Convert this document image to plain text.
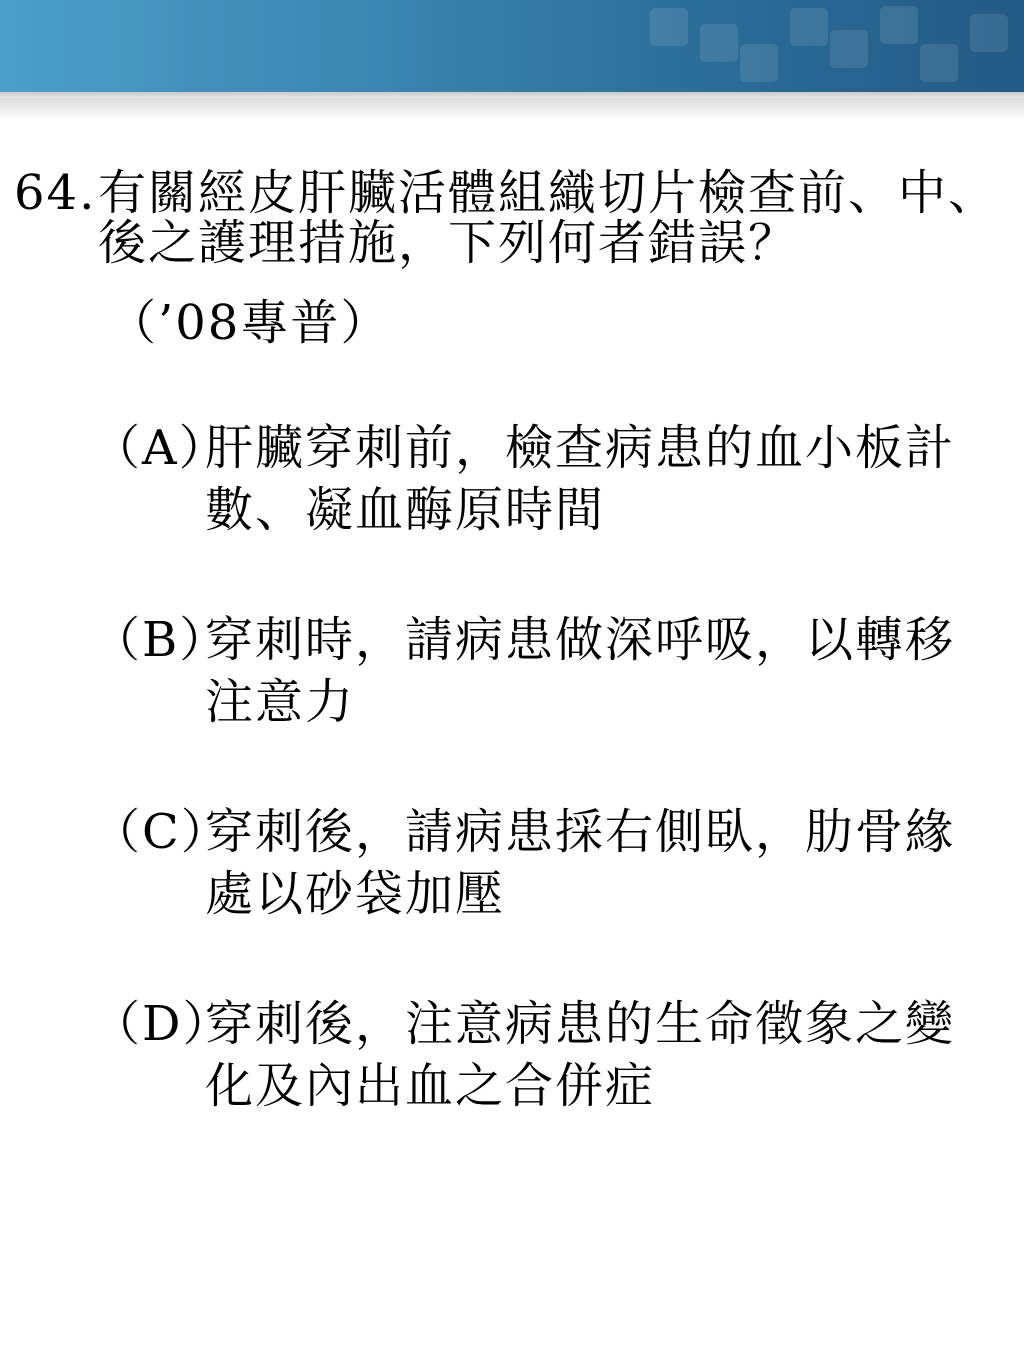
64. 有關經皮肝臟活體組織切片檢查前、中、
後之護理措施，下列何者錯誤？
（’08專普）
（A）
肝臟穿刺前，檢查病患的血小板計
數、凝血酶原時間
（B）
穿刺時，請病患做深呼吸，以轉移
注意力
（C）
穿刺後，請病患採右側臥，肋骨緣
處以砂袋加壓
（D）
穿刺後，注意病患的生命徵象之變
化及內出血之合併症
